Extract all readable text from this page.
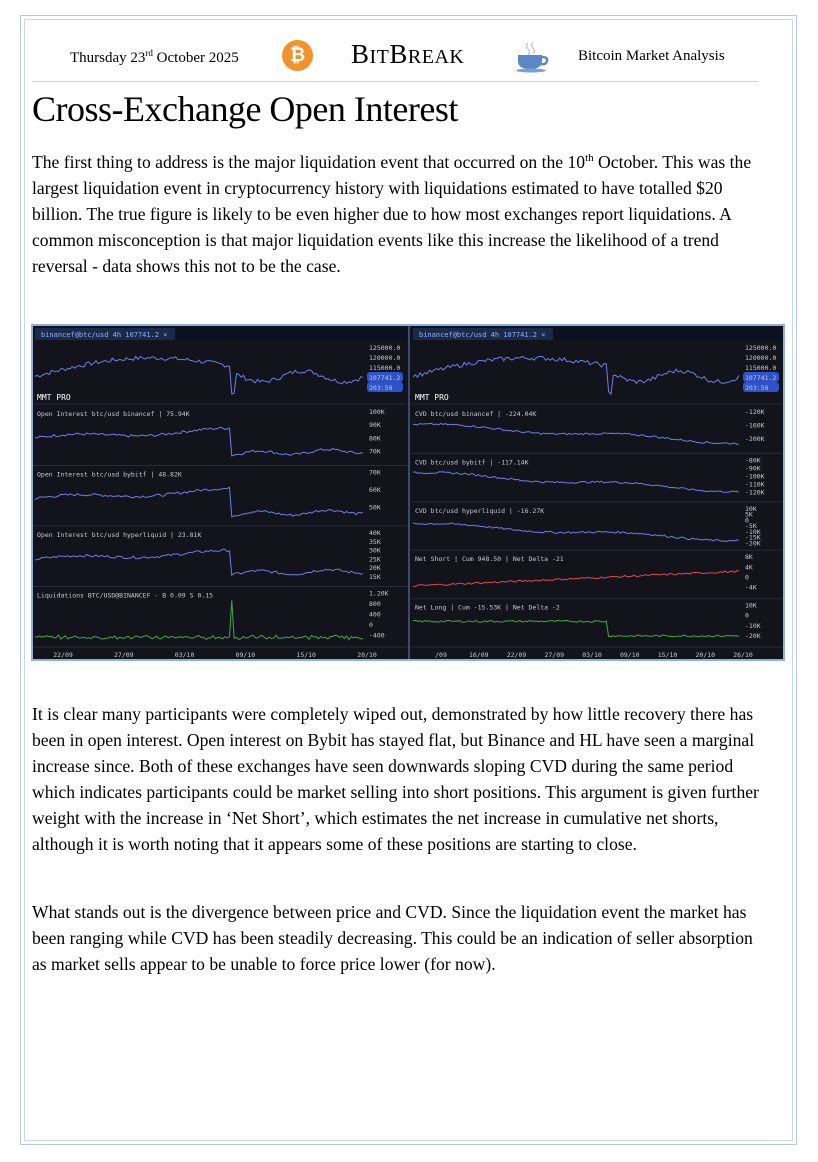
Thursday 23rd October 2025	₿ BITBREAK	Bitcoin Market Analysis
Cross-Exchange Open Interest

The first thing to address is the major liquidation event that occurred on the 10th October. This was the largest liquidation event in cryptocurrency history with liquidations estimated to have totalled $20 billion. The true figure is likely to be even higher due to how most exchanges report liquidations. A common misconception is that major liquidation events like this increase the likelihood of a trend reversal - data shows this not to be the case.

binancef@btc/usd 4h 107741.2 ×
MMT PRO
125000.0
120000.0
115000.0
107741.2
203:58
Open Interest btc/usd binancef | 75.94K	100K
90K
80K
70K
Open Interest btc/usd bybitf | 48.82K	70K
60K
50K
Open Interest btc/usd hyperliquid | 23.81K	40K
35K
30K
25K
20K
15K
Liquidations BTC/USD@BINANCEF - B 0.09 S 0.15	1.20K
800
400
0
-400
22/09	27/09	03/10	09/10	15/10	20/10
binancef@btc/usd 4h 107741.2 ×
MMT PRO
125000.0
120000.0
115000.0
107741.2
203:58
CVD btc/usd binancef | -224.04K	-120K
-160K
-200K
CVD btc/usd bybitf | -117.14K	-80K
-90K
-100K
-110K
-120K
CVD btc/usd hyperliquid | -16.27K	10K
5K
0
-5K
-10K
-15K
-20K
Net Short | Cum 948.50 | Net Delta -21	8K
4K
0
-4K
Net Long | Cum -15.53K | Net Delta -2	10K
0
-10K
-20K
/09	16/09	22/09	27/09	03/10	09/10	15/10	20/10	26/10

It is clear many participants were completely wiped out, demonstrated by how little recovery there has been in open interest. Open interest on Bybit has stayed flat, but Binance and HL have seen a marginal increase since. Both of these exchanges have seen downwards sloping CVD during the same period which indicates participants could be market selling into short positions. This argument is given further weight with the increase in ‘Net Short’, which estimates the net increase in cumulative net shorts, although it is worth noting that it appears some of these positions are starting to close.

What stands out is the divergence between price and CVD. Since the liquidation event the market has been ranging while CVD has been steadily decreasing. This could be an indication of seller absorption as market sells appear to be unable to force price lower (for now).
